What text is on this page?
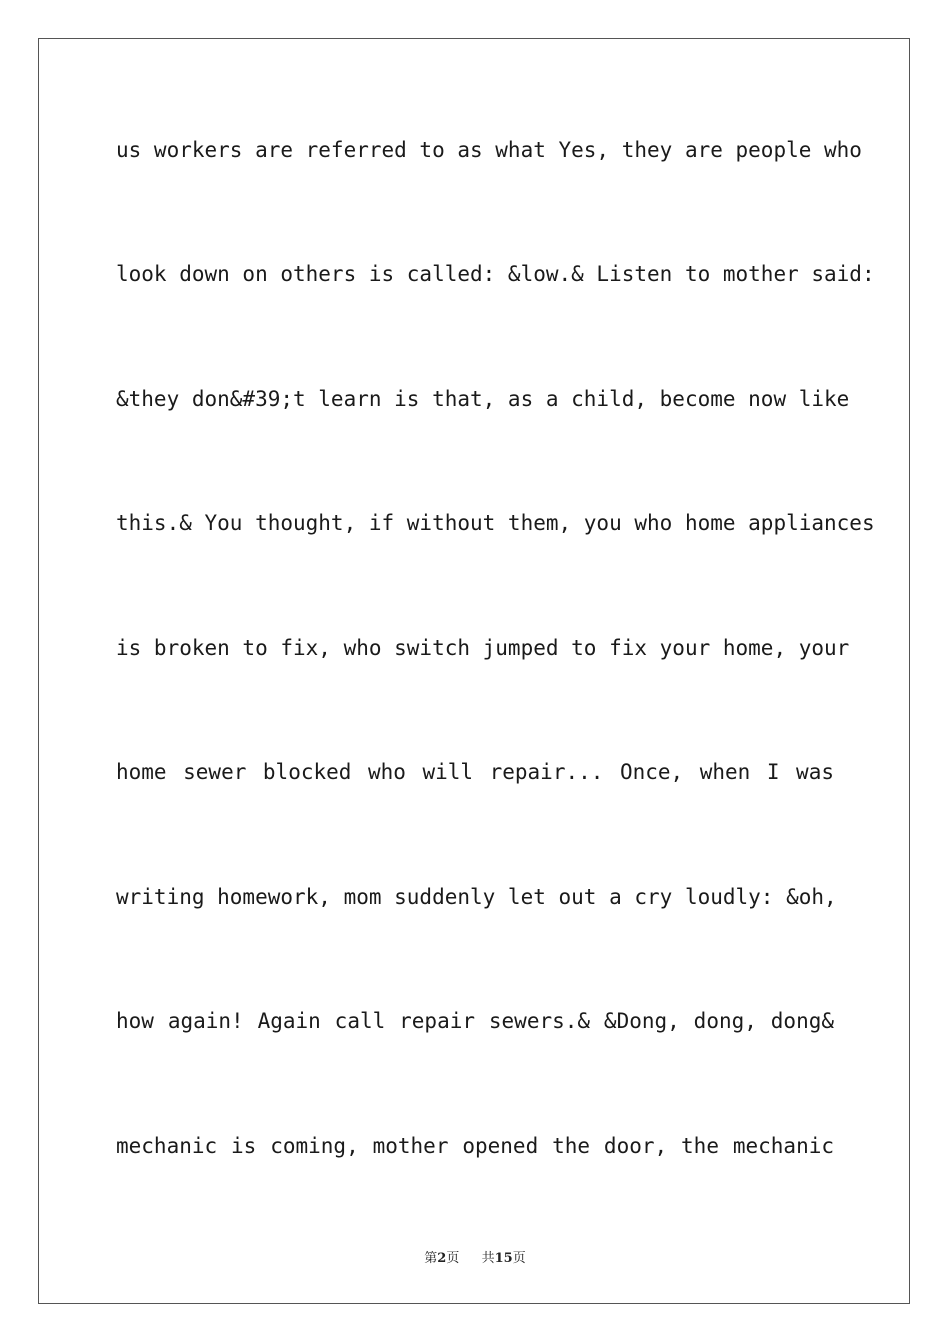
us workers are referred to as what Yes, they are people who
look down on others is called: &low.& Listen to mother said:
&they don&#39;t learn is that, as a child, become now like
this.& You thought, if without them, you who home appliances
is broken to fix, who switch jumped to fix your home, your
home sewer blocked who will repair... Once, when I was
writing homework, mom suddenly let out a cry loudly: &oh,
how again! Again call repair sewers.& &Dong, dong, dong&
mechanic is coming, mother opened the door, the mechanic
第2页 共15页
